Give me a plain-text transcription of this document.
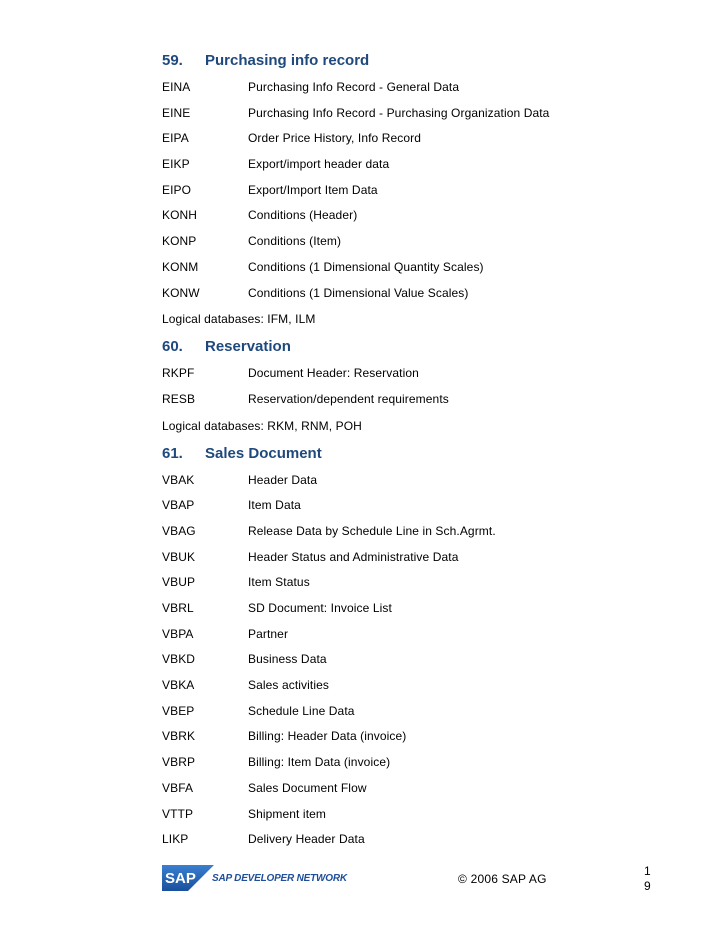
59.	Purchasing info record
EINA	Purchasing Info Record - General Data
EINE	Purchasing Info Record - Purchasing Organization Data
EIPA	Order Price History, Info Record
EIKP	Export/import header data
EIPO	Export/Import Item Data
KONH	Conditions (Header)
KONP	Conditions (Item)
KONM	Conditions (1 Dimensional Quantity Scales)
KONW	Conditions (1 Dimensional Value Scales)
Logical databases: IFM, ILM
60.	Reservation
RKPF	Document Header: Reservation
RESB	Reservation/dependent requirements
Logical databases: RKM, RNM, POH
61.	Sales Document
VBAK	Header Data
VBAP	Item Data
VBAG	Release Data by Schedule Line in Sch.Agrmt.
VBUK	Header Status and Administrative Data
VBUP	Item Status
VBRL	SD Document: Invoice List
VBPA	Partner
VBKD	Business Data
VBKA	Sales activities
VBEP	Schedule Line Data
VBRK	Billing: Header Data (invoice)
VBRP	Billing: Item Data (invoice)
VBFA	Sales Document Flow
VTTP	Shipment item
LIKP	Delivery Header Data
SAP SAP DEVELOPER NETWORK	© 2006 SAP AG
1
9
